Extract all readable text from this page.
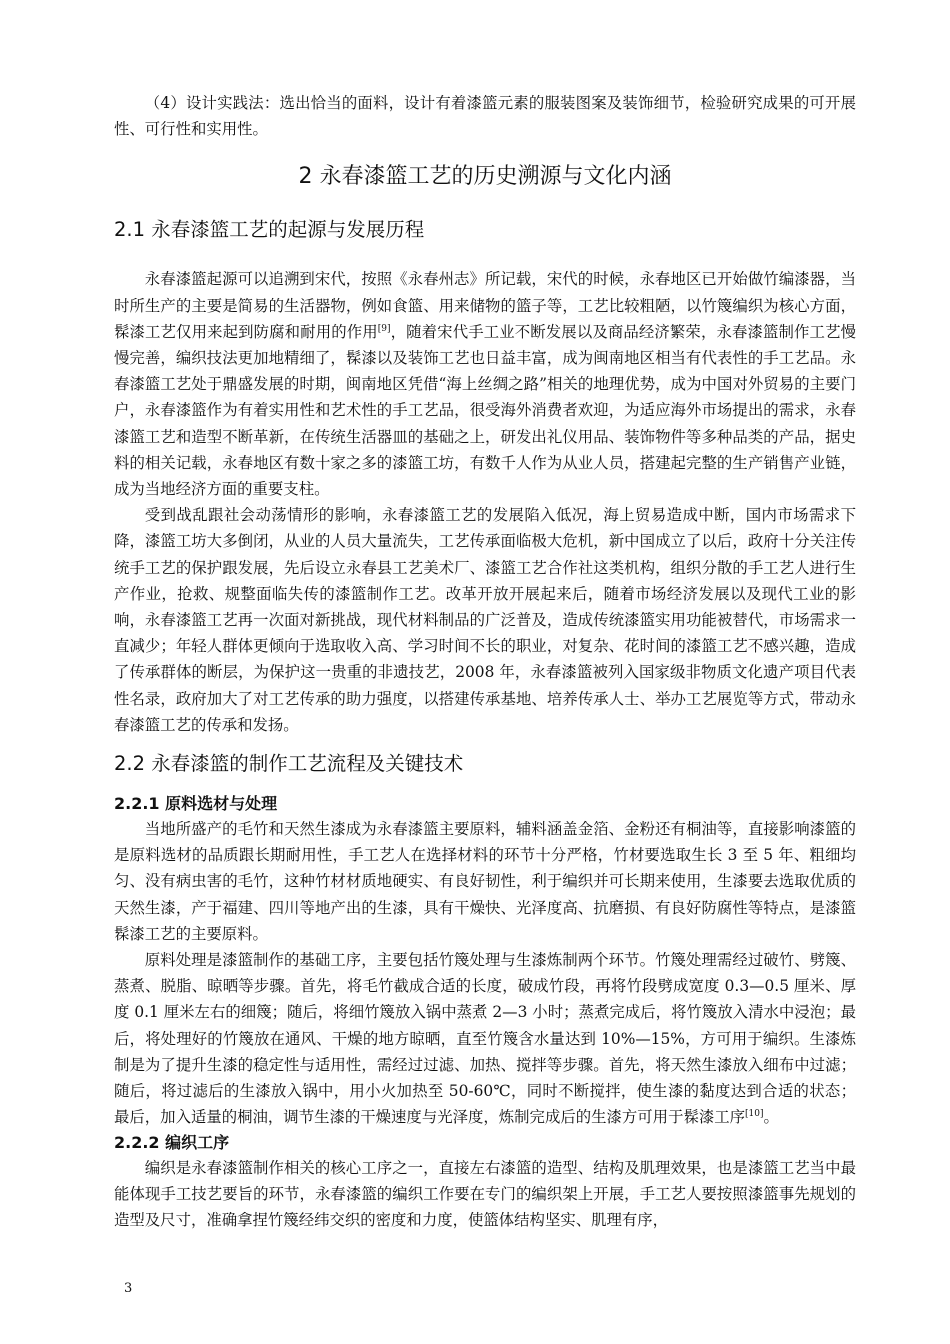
（4）设计实践法：选出恰当的面料，设计有着漆篮元素的服装图案及装饰细节，检验研究成果的可开展性、可行性和实用性。

2 永春漆篮工艺的历史溯源与文化内涵
2.1 永春漆篮工艺的起源与发展历程

永春漆篮起源可以追溯到宋代，按照《永春州志》所记载，宋代的时候，永春地区已开始做竹编漆器，当时所生产的主要是简易的生活器物，例如食篮、用来储物的篮子等，工艺比较粗陋，以竹篾编织为核心方面，髹漆工艺仅用来起到防腐和耐用的作用[9]，随着宋代手工业不断发展以及商品经济繁荣，永春漆篮制作工艺慢慢完善，编织技法更加地精细了，髹漆以及装饰工艺也日益丰富，成为闽南地区相当有代表性的手工艺品。永春漆篮工艺处于鼎盛发展的时期，闽南地区凭借“海上丝绸之路”相关的地理优势，成为中国对外贸易的主要门户，永春漆篮作为有着实用性和艺术性的手工艺品，很受海外消费者欢迎，为适应海外市场提出的需求，永春漆篮工艺和造型不断革新，在传统生活器皿的基础之上，研发出礼仪用品、装饰物件等多种品类的产品，据史料的相关记载，永春地区有数十家之多的漆篮工坊，有数千人作为从业人员，搭建起完整的生产销售产业链，成为当地经济方面的重要支柱。

受到战乱跟社会动荡情形的影响，永春漆篮工艺的发展陷入低况，海上贸易造成中断，国内市场需求下降，漆篮工坊大多倒闭，从业的人员大量流失，工艺传承面临极大危机，新中国成立了以后，政府十分关注传统手工艺的保护跟发展，先后设立永春县工艺美术厂、漆篮工艺合作社这类机构，组织分散的手工艺人进行生产作业，抢救、规整面临失传的漆篮制作工艺。改革开放开展起来后，随着市场经济发展以及现代工业的影响，永春漆篮工艺再一次面对新挑战，现代材料制品的广泛普及，造成传统漆篮实用功能被替代，市场需求一直减少；年轻人群体更倾向于选取收入高、学习时间不长的职业，对复杂、花时间的漆篮工艺不感兴趣，造成了传承群体的断层，为保护这一贵重的非遗技艺，2008 年，永春漆篮被列入国家级非物质文化遗产项目代表性名录，政府加大了对工艺传承的助力强度，以搭建传承基地、培养传承人士、举办工艺展览等方式，带动永春漆篮工艺的传承和发扬。

2.2 永春漆篮的制作工艺流程及关键技术
2.2.1 原料选材与处理

当地所盛产的毛竹和天然生漆成为永春漆篮主要原料，辅料涵盖金箔、金粉还有桐油等，直接影响漆篮的是原料选材的品质跟长期耐用性，手工艺人在选择材料的环节十分严格，竹材要选取生长 3 至 5 年、粗细均匀、没有病虫害的毛竹，这种竹材材质地硬实、有良好韧性，利于编织并可长期来使用，生漆要去选取优质的天然生漆，产于福建、四川等地产出的生漆，具有干燥快、光泽度高、抗磨损、有良好防腐性等特点，是漆篮髹漆工艺的主要原料。

原料处理是漆篮制作的基础工序，主要包括竹篾处理与生漆炼制两个环节。竹篾处理需经过破竹、劈篾、蒸煮、脱脂、晾晒等步骤。首先，将毛竹截成合适的长度，破成竹段，再将竹段劈成宽度 0.3—0.5 厘米、厚度 0.1 厘米左右的细篾；随后，将细竹篾放入锅中蒸煮 2—3 小时；蒸煮完成后，将竹篾放入清水中浸泡；最后，将处理好的竹篾放在通风、干燥的地方晾晒，直至竹篾含水量达到 10%—15%，方可用于编织。生漆炼制是为了提升生漆的稳定性与适用性，需经过过滤、加热、搅拌等步骤。首先，将天然生漆放入细布中过滤；随后，将过滤后的生漆放入锅中，用小火加热至 50-60℃，同时不断搅拌，使生漆的黏度达到合适的状态；最后，加入适量的桐油，调节生漆的干燥速度与光泽度，炼制完成后的生漆方可用于髹漆工序[10]。

2.2.2 编织工序

编织是永春漆篮制作相关的核心工序之一，直接左右漆篮的造型、结构及肌理效果，也是漆篮工艺当中最能体现手工技艺要旨的环节，永春漆篮的编织工作要在专门的编织架上开展，手工艺人要按照漆篮事先规划的造型及尺寸，准确拿捏竹篾经纬交织的密度和力度，使篮体结构坚实、肌理有序，

3
